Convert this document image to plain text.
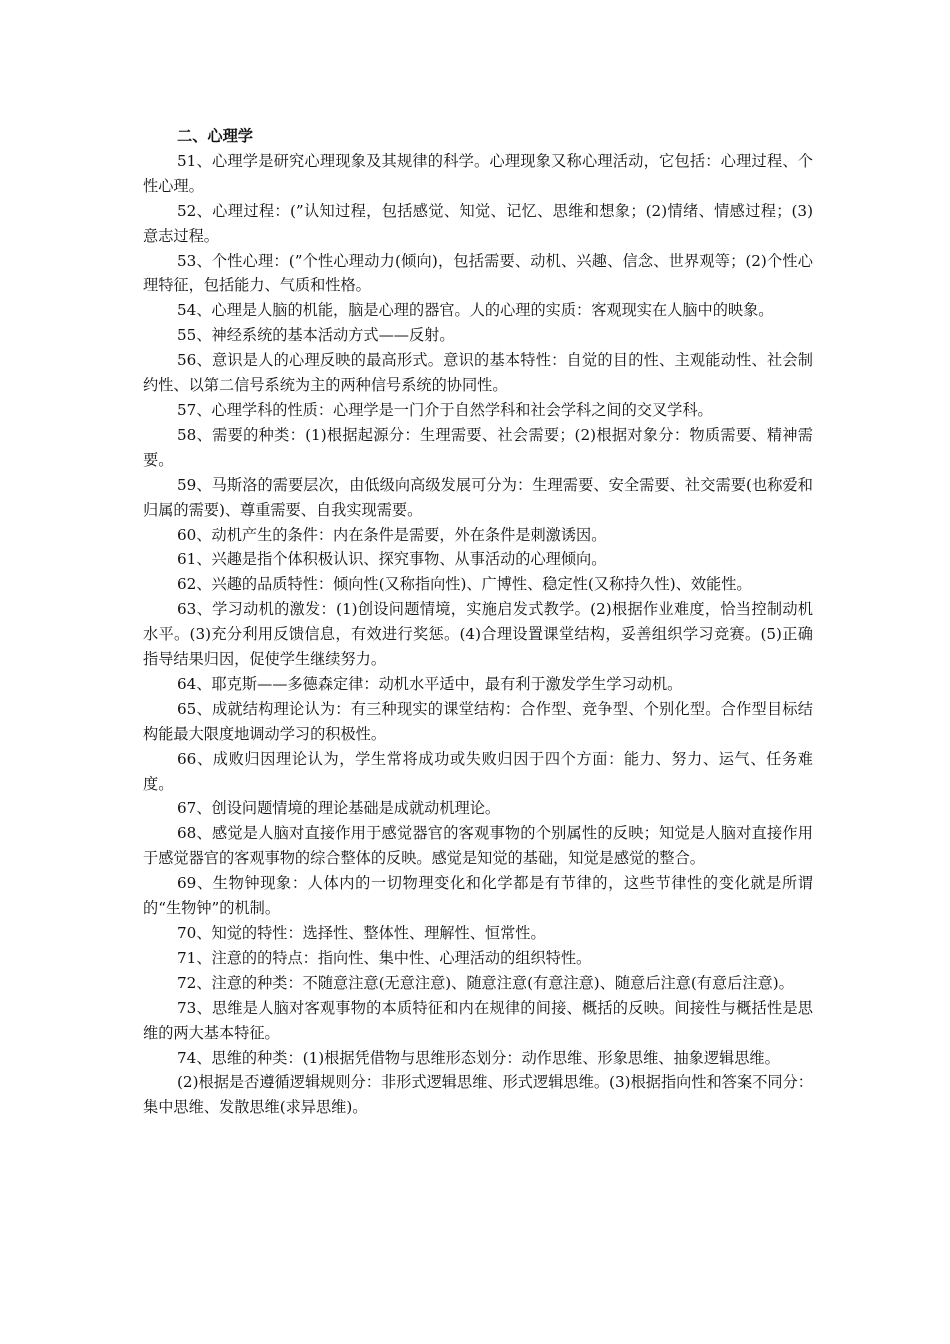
二、心理学

51、心理学是研究心理现象及其规律的科学。心理现象又称心理活动，它包括：心理过程、个性心理。

52、心理过程：(”认知过程，包括感觉、知觉、记忆、思维和想象；(2)情绪、情感过程；(3)意志过程。

53、个性心理：(”个性心理动力(倾向)，包括需要、动机、兴趣、信念、世界观等；(2)个性心理特征，包括能力、气质和性格。

54、心理是人脑的机能，脑是心理的器官。人的心理的实质：客观现实在人脑中的映象。

55、神经系统的基本活动方式——反射。

56、意识是人的心理反映的最高形式。意识的基本特性：自觉的目的性、主观能动性、社会制约性、以第二信号系统为主的两种信号系统的协同性。

57、心理学科的性质：心理学是一门介于自然学科和社会学科之间的交叉学科。

58、需要的种类：(1)根据起源分：生理需要、社会需要；(2)根据对象分：物质需要、精神需要。

59、马斯洛的需要层次，由低级向高级发展可分为：生理需要、安全需要、社交需要(也称爱和归属的需要)、尊重需要、自我实现需要。

60、动机产生的条件：内在条件是需要，外在条件是刺激诱因。

61、兴趣是指个体积极认识、探究事物、从事活动的心理倾向。

62、兴趣的品质特性：倾向性(又称指向性)、广博性、稳定性(又称持久性)、效能性。

63、学习动机的激发：(1)创设问题情境，实施启发式教学。(2)根据作业难度，恰当控制动机水平。(3)充分利用反馈信息，有效进行奖惩。(4)合理设置课堂结构，妥善组织学习竞赛。(5)正确指导结果归因，促使学生继续努力。

64、耶克斯——多德森定律：动机水平适中，最有利于激发学生学习动机。

65、成就结构理论认为：有三种现实的课堂结构：合作型、竞争型、个别化型。合作型目标结构能最大限度地调动学习的积极性。

66、成败归因理论认为，学生常将成功或失败归因于四个方面：能力、努力、运气、任务难度。

67、创设问题情境的理论基础是成就动机理论。

68、感觉是人脑对直接作用于感觉器官的客观事物的个别属性的反映；知觉是人脑对直接作用于感觉器官的客观事物的综合整体的反映。感觉是知觉的基础，知觉是感觉的整合。

69、生物钟现象：人体内的一切物理变化和化学都是有节律的，这些节律性的变化就是所谓的“生物钟”的机制。

70、知觉的特性：选择性、整体性、理解性、恒常性。

71、注意的的特点：指向性、集中性、心理活动的组织特性。

72、注意的种类：不随意注意(无意注意)、随意注意(有意注意)、随意后注意(有意后注意)。

73、思维是人脑对客观事物的本质特征和内在规律的间接、概括的反映。间接性与概括性是思维的两大基本特征。

74、思维的种类：(1)根据凭借物与思维形态划分：动作思维、形象思维、抽象逻辑思维。

(2)根据是否遵循逻辑规则分：非形式逻辑思维、形式逻辑思维。(3)根据指向性和答案不同分：集中思维、发散思维(求异思维)。
